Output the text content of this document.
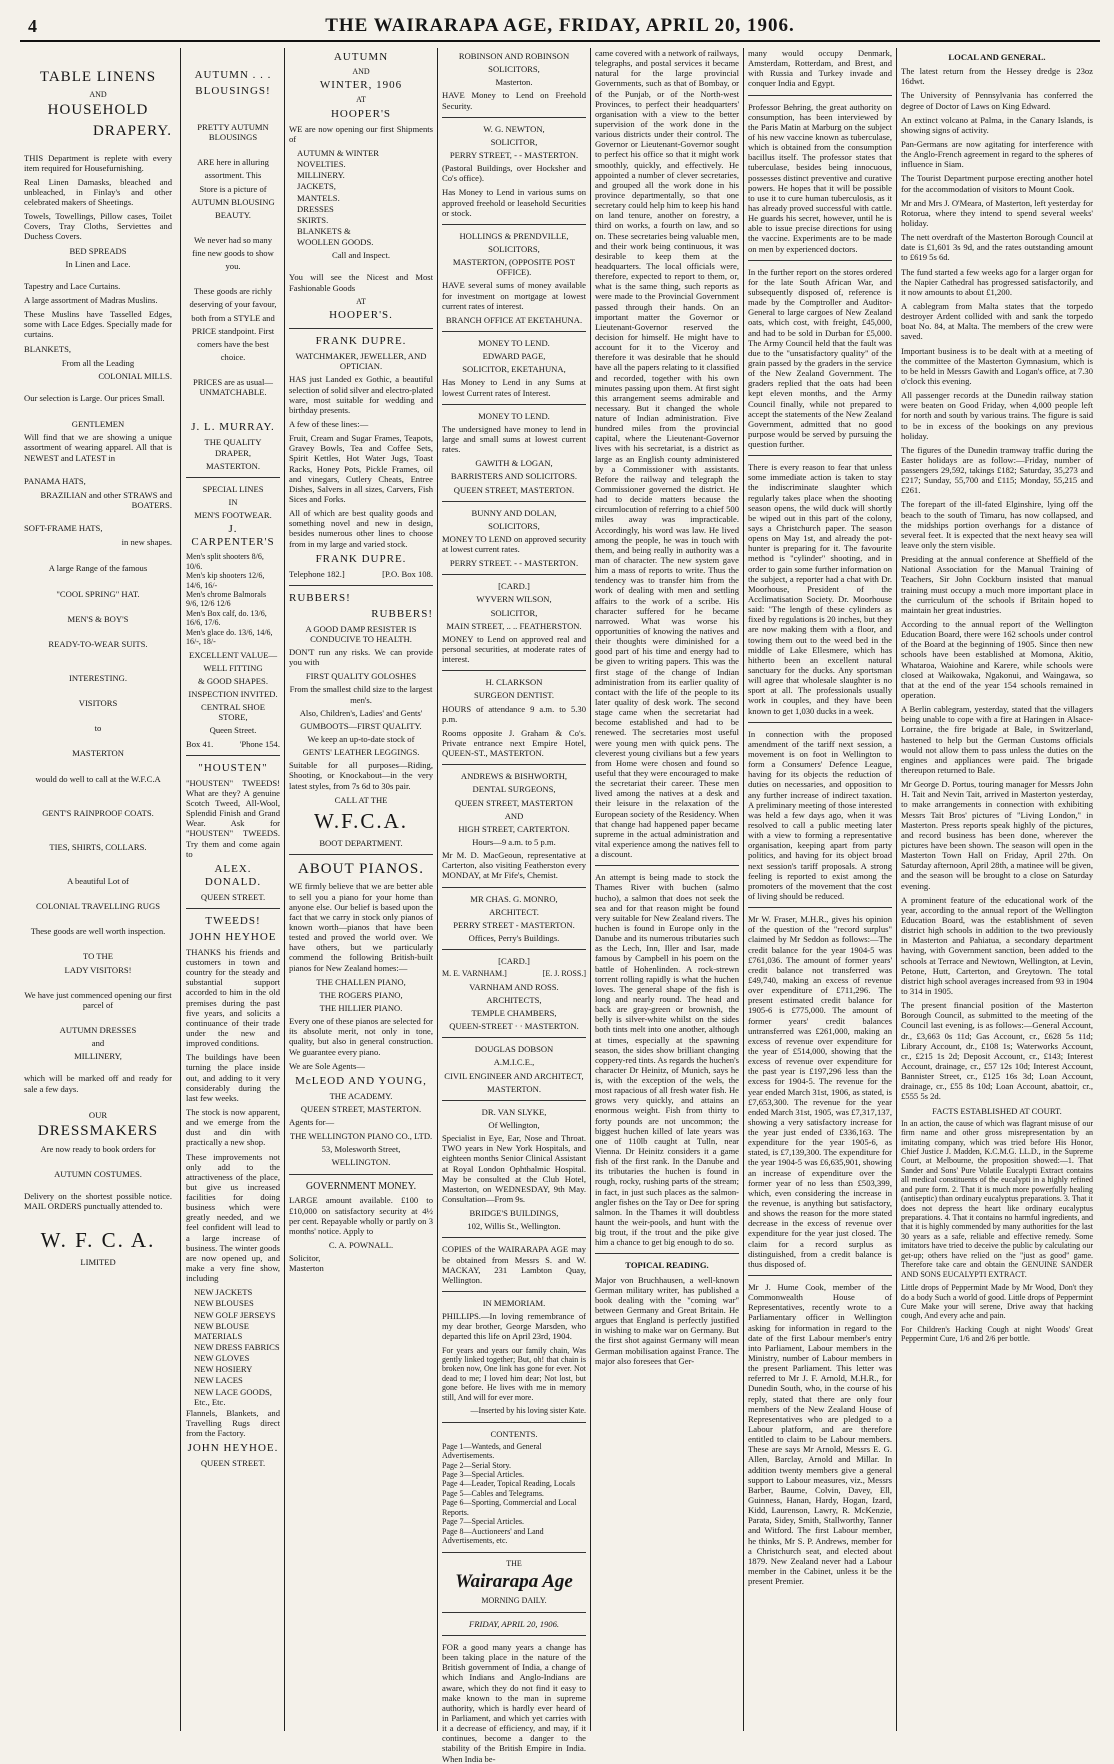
4	THE WAIRARAPA AGE, FRIDAY, APRIL 20, 1906.
TABLE LINENS
AND
HOUSEHOLD
DRAPERY.

THIS Department is replete with every item required for Housefurnishing.

Real Linen Damasks, bleached and unbleached, in Finlay's and other celebrated makers of Sheetings.

Towels, Towellings, Pillow cases, Toilet Covers, Tray Cloths, Serviettes and Duchess Covers.

BED SPREADS
In Linen and Lace.

Tapestry and Lace Curtains.

A large assortment of Madras Muslins.

These Muslins have Tasselled Edges, some with Lace Edges. Specially made for curtains.

BLANKETS,

From all the Leading
COLONIAL MILLS.

Our selection is Large. Our prices Small.

GENTLEMEN

Will find that we are showing a unique assortment of wearing apparel. All that is NEWEST and LATEST in

PANAMA HATS,

BRAZILIAN and other STRAWS and BOATERS.

SOFT-FRAME HATS,

in new shapes.

A large Range of the famous
"COOL SPRING" HAT.
MEN'S & BOY'S
READY-TO-WEAR SUITS.
INTERESTING.
VISITORS
to
MASTERTON
would do well to call at the W.F.C.A
GENT'S RAINPROOF COATS.
TIES, SHIRTS, COLLARS.
A beautiful Lot of
COLONIAL TRAVELLING RUGS
These goods are well worth inspection.
TO THE
LADY VISITORS!
We have just commenced opening our first parcel of
AUTUMN DRESSES
and
MILLINERY,

which will be marked off and ready for sale a few days.

OUR
DRESSMAKERS
Are now ready to book orders for
AUTUMN COSTUMES.

Delivery on the shortest possible notice. MAIL ORDERS punctually attended to.

W. F. C. A.
LIMITED
AUTUMN . . .
BLOUSINGS!
PRETTY AUTUMN BLOUSINGS
ARE here in alluring
assortment. This
Store is a picture of
AUTUMN BLOUSING
BEAUTY.
We never had so many
fine new goods to show
you.
These goods are richly
deserving of your favour,
both from a STYLE and
PRICE standpoint. First
comers have the best
choice.
PRICES are as usual—UNMATCHABLE.
J. L. MURRAY.
THE QUALITY DRAPER,
MASTERTON.
SPECIAL LINES
IN
MEN'S FOOTWEAR.
J. CARPENTER'S
Men's split shooters 8/6, 10/6.
Men's kip shooters 12/6, 14/6, 16/-
Men's chrome Balmorals 9/6, 12/6 12/6
Men's Box calf, do. 13/6, 16/6, 17/6.
Men's glace do. 13/6, 14/6, 16/-, 18/-
EXCELLENT VALUE—
WELL FITTING
& GOOD SHAPES.
INSPECTION INVITED.
CENTRAL SHOE STORE,
Queen Street.
Box 41.	'Phone 154.
"HOUSTEN"

"HOUSTEN" TWEEDS! What are they? A genuine Scotch Tweed, All-Wool, Splendid Finish and Grand Wear. Ask for "HOUSTEN" TWEEDS. Try them and come again to

ALEX. DONALD.
QUEEN STREET.
TWEEDS!
JOHN HEYHOE

THANKS his friends and customers in town and country for the steady and substantial support accorded to him in the old premises during the past five years, and solicits a continuance of their trade under the new and improved conditions.

The buildings have been turning the place inside out, and adding to it very considerably during the last few weeks.

The stock is now apparent, and we emerge from the dust and din with practically a new shop.

These improvements not only add to the attractiveness of the place, but give us increased facilities for doing business which were greatly needed, and we feel confident will lead to a large increase of business. The winter goods are now opened up, and make a very fine show, including

NEW JACKETS
NEW BLOUSES
NEW GOLF JERSEYS
NEW BLOUSE MATERIALS
NEW DRESS FABRICS
NEW GLOVES
NEW HOSIERY
NEW LACES
NEW LACE GOODS, Etc., Etc.

Flannels, Blankets, and Travelling Rugs direct from the Factory.

JOHN HEYHOE.
QUEEN STREET.
AUTUMN
AND
WINTER, 1906
AT
HOOPER'S

WE are now opening our first Shipments of

AUTUMN & WINTER
NOVELTIES.
MILLINERY.
JACKETS,
MANTELS.
DRESSES
SKIRTS.
BLANKETS &
WOOLLEN GOODS.
Call and Inspect.

You will see the Nicest and Most Fashionable Goods

AT
HOOPER'S.
FRANK DUPRE.
WATCHMAKER, JEWELLER, AND OPTICIAN.

HAS just Landed ex Gothic, a beautiful selection of solid silver and electro-plated ware, most suitable for wedding and birthday presents.

A few of these lines:—

Fruit, Cream and Sugar Frames, Teapots, Gravey Bowls, Tea and Coffee Sets, Spirit Kettles, Hot Water Jugs, Toast Racks, Honey Pots, Pickle Frames, oil and vinegars, Cutlery Cheats, Entree Dishes, Salvers in all sizes, Carvers, Fish Sices and Forks.

All of which are best quality goods and something novel and new in design, besides numerous other lines to choose from in my large and varied stock.

FRANK DUPRE.
Telephone 182.]	[P.O. Box 108.
RUBBERS!
RUBBERS!
A GOOD DAMP RESISTER IS CONDUCIVE TO HEALTH.

DON'T run any risks. We can provide you with

FIRST QUALITY GOLOSHES
From the smallest child size to the largest men's.
Also, Children's, Ladies' and Gents'
GUMBOOTS—FIRST QUALITY.
We keep an up-to-date stock of
GENTS' LEATHER LEGGINGS.

Suitable for all purposes—Riding, Shooting, or Knockabout—in the very latest styles, from 7s 6d to 30s pair.

CALL AT THE
W.F.C.A.
BOOT DEPARTMENT.
ABOUT PIANOS.

WE firmly believe that we are better able to sell you a piano for your home than anyone else. Our belief is based upon the fact that we carry in stock only pianos of known worth—pianos that have been tested and proved the world over. We have others, but we particularly commend the following British-built pianos for New Zealand homes:—

THE CHALLEN PIANO,
THE ROGERS PIANO,
THE HILLIER PIANO.

Every one of these pianos are selected for its absolute merit, not only in tone, quality, but also in general construction. We guarantee every piano.

We are Sole Agents—

McLEOD AND YOUNG,
THE ACADEMY.
QUEEN STREET, MASTERTON.

Agents for—

THE WELLINGTON PIANO CO., LTD.
53, Molesworth Street,
WELLINGTON.
GOVERNMENT MONEY.

LARGE amount available. £100 to £10,000 on satisfactory security at 4½ per cent. Repayable wholly or partly on 3 months' notice. Apply to

C. A. POWNALL.
Solicitor,
Masterton
ROBINSON AND ROBINSON
SOLICITORS,
Masterton.

HAVE Money to Lend on Freehold Security.

W. G. NEWTON,
SOLICITOR,
PERRY STREET, - - MASTERTON.

(Pastoral Buildings, over Hocksher and Co's office).

Has Money to Lend in various sums on approved freehold or leasehold Securities or stock.

HOLLINGS & PRENDVILLE,
SOLICITORS,
MASTERTON, (OPPOSITE POST OFFICE).

HAVE several sums of money available for investment on mortgage at lowest current rates of interest.

BRANCH OFFICE AT EKETAHUNA.
MONEY TO LEND.
EDWARD PAGE,
SOLICITOR, EKETAHUNA,

Has Money to Lend in any Sums at lowest Current rates of Interest.

MONEY TO LEND.

The undersigned have money to lend in large and small sums at lowest current rates.

GAWITH & LOGAN,
BARRISTERS AND SOLICITORS.
QUEEN STREET, MASTERTON.
BUNNY AND DOLAN,
SOLICITORS,

MONEY TO LEND on approved security at lowest current rates.

PERRY STREET. - - MASTERTON.
[CARD.]
WYVERN WILSON,
SOLICITOR,
MAIN STREET, .. .. FEATHERSTON.

MONEY to Lend on approved real and personal securities, at moderate rates of interest.

H. CLARKSON
SURGEON DENTIST.

HOURS of attendance 9 a.m. to 5.30 p.m.

Rooms opposite J. Graham & Co's. Private entrance next Empire Hotel, QUEEN-ST., MASTERTON.

ANDREWS & BISHWORTH,
DENTAL SURGEONS,
QUEEN STREET, MASTERTON
AND
HIGH STREET, CARTERTON.
Hours—9 a.m. to 5 p.m.

Mr M. D. MacGeoun, representative at Carterton, also visiting Featherston every MONDAY, at Mr Fife's, Chemist.

MR CHAS. G. MONRO,
ARCHITECT.
PERRY STREET - MASTERTON.
Offices, Perry's Buildings.
[CARD.]
M. E. VARNHAM.]	[E. J. ROSS.]
VARNHAM AND ROSS.
ARCHITECTS,
TEMPLE CHAMBERS,
QUEEN-STREET · · MASTERTON.
DOUGLAS DOBSON
A.M.I.C.E.,
CIVIL ENGINEER AND ARCHITECT,
MASTERTON.
DR. VAN SLYKE,
Of Wellington,

Specialist in Eye, Ear, Nose and Throat. TWO years in New York Hospitals, and eighteen months Senior Clinical Assistant at Royal London Ophthalmic Hospital. May be consulted at the Club Hotel, Masterton, on WEDNESDAY, 9th May. Consultation—From 9s.

BRIDGE'S BUILDINGS,
102, Willis St., Wellington.

COPIES of the WAIRARAPA AGE may be obtained from Messrs S. and W. MACKAY, 231 Lambton Quay, Wellington.

IN MEMORIAM.

PHILLIPS.—In loving remembrance of my dear brother, George Marsden, who departed this life on April 23rd, 1904.

For years and years our family chain, Was gently linked together; But, oh! that chain is broken now, One link has gone for ever. Not dead to me; I loved him dear; Not lost, but gone before. He lives with me in memory still, And will for ever more.

—Inserted by his loving sister Kate.
CONTENTS.
Page 1—Wanteds, and General Advertisements.
Page 2—Serial Story.
Page 3—Special Articles.
Page 4—Leader, Topical Reading, Locals
Page 5—Cables and Telegrams.
Page 6—Sporting, Commercial and Local Reports.
Page 7—Special Articles.
Page 8—Auctioneers' and Land Advertisements, etc.
THE
Wairarapa Age
MORNING DAILY.
FRIDAY, APRIL 20, 1906.

FOR a good many years a change has been taking place in the nature of the British government of India, a change of which Indians and Anglo-Indians are aware, which they do not find it easy to make known to the man in supreme authority, which is hardly ever heard of in Parliament, and which yet carries with it a decrease of efficiency, and may, if it continues, become a danger to the stability of the British Empire in India. When India be-

came covered with a network of railways, telegraphs, and postal services it became natural for the large provincial Governments, such as that of Bombay, or of the Punjab, or of the North-west Provinces, to perfect their headquarters' organisation with a view to the better supervision of the work done in the various districts under their control. The Governor or Lieutenant-Governor sought to perfect his office so that it might work smoothly, quickly, and effectively. He appointed a number of clever secretaries, and grouped all the work done in his province departmentally, so that one secretary could help him to keep his hand on land tenure, another on forestry, a third on works, a fourth on law, and so on. These secretaries being valuable men, and their work being continuous, it was desirable to keep them at the headquarters. The local officials were, therefore, expected to report to them, or, what is the same thing, such reports as were made to the Provincial Government passed through their hands. On an important matter the Governor or Lieutenant-Governor reserved the decision for himself. He might have to account for it to the Viceroy and therefore it was desirable that he should have all the papers relating to it classified and recorded, together with his own minutes passing upon them. At first sight this arrangement seems admirable and necessary. But it changed the whole nature of Indian administration. Five hundred miles from the provincial capital, where the Lieutenant-Governor lives with his secretariat, is a district as large as an English county administered by a Commissioner with assistants. Before the railway and telegraph the Commissioner governed the district. He had to decide matters because the circumlocution of referring to a chief 500 miles away was impracticable. Accordingly, his word was law. He lived among the people, he was in touch with them, and being really in authority was a man of character. The new system gave him a mass of reports to write. Thus the tendency was to transfer him from the work of dealing with men and settling affairs to the work of a scribe. His character suffered for he became narrowed. What was worse his opportunities of knowing the natives and their thoughts were diminished for a good part of his time and energy had to be given to writing papers. This was the first stage of the change of Indian administration from its earlier quality of contact with the life of the people to its later quality of desk work. The second stage came when the secretariat had become established and had to be renewed. The secretaries most useful were young men with quick pens. The cleverest young civilians but a few years from Home were chosen and found so useful that they were encouraged to make the secretariat their career. These men lived among the natives at a desk and their leisure in the relaxation of the European society of the Residency. When that change had happened paper became supreme in the actual administration and vital experience among the natives fell to a discount.

An attempt is being made to stock the Thames River with buchen (salmo hucho), a salmon that does not seek the sea and for that reason might be found very suitable for New Zealand rivers. The huchen is found in Europe only in the Danube and its numerous tributaries such as the Lech, Inn, Iller and Isar, made famous by Campbell in his poem on the battle of Hohenlinden. A rock-strewn torrent rolling rapidly is what the huchen loves. The general shape of the fish is long and nearly round. The head and back are gray-green or brownish, the belly is silver-white whilst on the sides both tints melt into one another, although at times, especially at the spawning season, the sides show brilliant changing coppery-red tints. As regards the huchen's character Dr Heinitz, of Munich, says he is, with the exception of the wels, the most rapacious of all fresh water fish. He grows very quickly, and attains an enormous weight. Fish from thirty to forty pounds are not uncommon; the biggest huchen killed of late years was one of 110lb caught at Tulln, near Vienna. Dr Heinitz considers it a game fish of the first rank. In the Danube and its tributaries the huchen is found in rough, rocky, rushing parts of the stream; in fact, in just such places as the salmon-angler fishes on the Tay or Dee for spring salmon. In the Thames it will doubtless haunt the weir-pools, and hunt with the big trout, if the trout and the pike give him a chance to get big enough to do so.

TOPICAL READING.

Major von Bruchhausen, a well-known German military writer, has published a book dealing with the "coming war" between Germany and Great Britain. He argues that England is perfectly justified in wishing to make war on Germany. But the first shot against Germany will mean German mobilisation against France. The major also foresees that Ger-

many would occupy Denmark, Amsterdam, Rotterdam, and Brest, and with Russia and Turkey invade and conquer India and Egypt.

Professor Behring, the great authority on consumption, has been interviewed by the Paris Matin at Marburg on the subject of his new vaccine known as tuberculase, which is obtained from the consumption bacillus itself. The professor states that tuberculase, besides being innocuous, possesses distinct preventive and curative powers. He hopes that it will be possible to use it to cure human tuberculosis, as it has already proved successful with cattle. He guards his secret, however, until he is able to issue precise directions for using the vaccine. Experiments are to be made on men by experienced doctors.

In the further report on the stores ordered for the late South African War, and subsequently disposed of, reference is made by the Comptroller and Auditor-General to large cargoes of New Zealand oats, which cost, with freight, £45,000, and had to be sold in Durban for £5,000. The Army Council held that the fault was due to the "unsatisfactory quality" of the grain passed by the graders in the service of the New Zealand Government. The graders replied that the oats had been kept eleven months, and the Army Council finally, while not prepared to accept the statements of the New Zealand Government, admitted that no good purpose would be served by pursuing the question further.

There is every reason to fear that unless some immediate action is taken to stay the indiscriminate slaughter which regularly takes place when the shooting season opens, the wild duck will shortly be wiped out in this part of the colony, says a Christchurch paper. The season opens on May 1st, and already the pot-hunter is preparing for it. The favourite method is "cylinder" shooting, and in order to gain some further information on the subject, a reporter had a chat with Dr. Moorhouse, President of the Acclimatisation Society. Dr. Moorhouse said: "The length of these cylinders as fixed by regulations is 20 inches, but they are now making them with a floor, and towing them out to the weed bed in the middle of Lake Ellesmere, which has hitherto been an excellent natural sanctuary for the ducks. Any sportsman will agree that wholesale slaughter is no sport at all. The professionals usually work in couples, and they have been known to get 1,030 ducks in a week.

In connection with the proposed amendment of the tariff next session, a movement is on foot in Wellington to form a Consumers' Defence League, having for its objects the reduction of duties on necessaries, and opposition to any further increase of indirect taxation. A preliminary meeting of those interested was held a few days ago, when it was resolved to call a public meeting later with a view to forming a representative organisation, keeping apart from party politics, and having for its object broad next session's tariff proposals. A strong feeling is reported to exist among the promoters of the movement that the cost of living should be reduced.

Mr W. Fraser, M.H.R., gives his opinion of the question of the "record surplus" claimed by Mr Seddon as follows:—The credit balance for the year 1904-5 was £761,036. The amount of former years' credit balance not transferred was £49,740, making an excess of revenue over expenditure of £711,296. The present estimated credit balance for 1905-6 is £775,000. The amount of former years' credit balances untransferred was £261,000, making an excess of revenue over expenditure for the year of £514,000, showing that the excess of revenue over expenditure for the past year is £197,296 less than the excess for 1904-5. The revenue for the year ended March 31st, 1906, as stated, is £7,653,300. The revenue for the year ended March 31st, 1905, was £7,317,137, showing a very satisfactory increase for the year just ended of £336,163. The expenditure for the year 1905-6, as stated, is £7,139,300. The expenditure for the year 1904-5 was £6,635,901, showing an increase of expenditure over the former year of no less than £503,399, which, even considering the increase in the revenue, is anything but satisfactory, and shows the reason for the more stated decrease in the excess of revenue over expenditure for the year just closed. The claim for a record surplus as distinguished, from a credit balance is thus disposed of.

Mr J. Hume Cook, member of the Commonwealth House of Representatives, recently wrote to a Parliamentary officer in Wellington asking for information in regard to the date of the first Labour member's entry into Parliament, Labour members in the Ministry, number of Labour members in the present Parliament. This letter was referred to Mr J. F. Arnold, M.H.R., for Dunedin South, who, in the course of his reply, stated that there are only four members of the New Zealand House of Representatives who are pledged to a Labour platform, and are therefore entitled to claim to be Labour members. These are says Mr Arnold, Messrs E. G. Allen, Barclay, Arnold and Millar. In addition twenty members give a general support to Labour measures, viz., Messrs Barber, Baume, Colvin, Davey, Ell, Guinness, Hanan, Hardy, Hogan, Izard, Kidd, Laurenson, Lawry, R. McKenzie, Parata, Sidey, Smith, Stallworthy, Tanner and Witford. The first Labour member, he thinks, Mr S. P. Andrews, member for a Christchurch seat, and elected about 1879. New Zealand never had a Labour member in the Cabinet, unless it be the present Premier.

LOCAL AND GENERAL.

The latest return from the Hessey dredge is 23oz 16dwt.

The University of Pennsylvania has conferred the degree of Doctor of Laws on King Edward.

An extinct volcano at Palma, in the Canary Islands, is showing signs of activity.

Pan-Germans are now agitating for interference with the Anglo-French agreement in regard to the spheres of influence in Siam.

The Tourist Department purpose erecting another hotel for the accommodation of visitors to Mount Cook.

Mr and Mrs J. O'Meara, of Masterton, left yesterday for Rotorua, where they intend to spend several weeks' holiday.

The nett overdraft of the Masterton Borough Council at date is £1,601 3s 9d, and the rates outstanding amount to £619 5s 6d.

The fund started a few weeks ago for a larger organ for the Napier Cathedral has progressed satisfactorily, and it now amounts to about £1,200.

A cablegram from Malta states that the torpedo destroyer Ardent collided with and sank the torpedo boat No. 84, at Malta. The members of the crew were saved.

Important business is to be dealt with at a meeting of the committee of the Masterton Gymnasium, which is to be held in Messrs Gawith and Logan's office, at 7.30 o'clock this evening.

All passenger records at the Dunedin railway station were beaten on Good Friday, when 4,000 people left for north and south by various trains. The figure is said to be in excess of the bookings on any previous holiday.

The figures of the Dunedin tramway traffic during the Easter holidays are as follow:—Friday, number of passengers 29,592, takings £182; Saturday, 35,273 and £217; Sunday, 55,700 and £115; Monday, 55,215 and £261.

The forepart of the ill-fated Elginshire, lying off the beach to the south of Timaru, has now collapsed, and the midships portion overhangs for a distance of several feet. It is expected that the next heavy sea will leave only the stern visible.

Presiding at the annual conference at Sheffield of the National Association for the Manual Training of Teachers, Sir John Cockburn insisted that manual training must occupy a much more important place in the curriculum of the schools if Britain hoped to maintain her great industries.

According to the annual report of the Wellington Education Board, there were 162 schools under control of the Board at the beginning of 1905. Since then new schools have been established at Momona, Akitio, Whataroa, Waiohine and Karere, while schools were closed at Waikowaka, Ngakonui, and Waingawa, so that at the end of the year 154 schools remained in operation.

A Berlin cablegram, yesterday, stated that the villagers being unable to cope with a fire at Haringen in Alsace-Lorraine, the fire brigade at Bale, in Switzerland, hastened to help but the German Customs officials would not allow them to pass unless the duties on the engines and appliances were paid. The brigade thereupon returned to Bale.

Mr George D. Portus, touring manager for Messrs John H. Tait and Nevin Tait, arrived in Masterton yesterday, to make arrangements in connection with exhibiting Messrs Tait Bros' pictures of "Living London," in Masterton. Press reports speak highly of the pictures, and record business has been done, wherever the pictures have been shown. The season will open in the Masterton Town Hall on Friday, April 27th. On Saturday afternoon, April 28th, a matinee will be given, and the season will be brought to a close on Saturday evening.

A prominent feature of the educational work of the year, according to the annual report of the Wellington Education Board, was the establishment of seven district high schools in addition to the two previously in Masterton and Pahiatua, a secondary department having, with Government sanction, been added to the schools at Terrace and Newtown, Wellington, at Levin, Petone, Hutt, Carterton, and Greytown. The total district high school averages increased from 93 in 1904 to 314 in 1905.

The present financial position of the Masterton Borough Council, as submitted to the meeting of the Council last evening, is as follows:—General Account, dr., £3,663 0s 11d; Gas Account, cr., £628 5s 11d; Library Account, dr., £108 1s; Waterworks Account, cr., £215 1s 2d; Deposit Account, cr., £143; Interest Account, drainage, cr., £57 12s 10d; Interest Account, Bannister Street, cr., £125 16s 3d; Loan Account, drainage, cr., £55 8s 10d; Loan Account, abattoir, cr., £555 5s 2d.

FACTS ESTABLISHED AT COURT.

In an action, the cause of which was flagrant misuse of our firm name and other gross misrepresentation by an imitating company, which was tried before His Honor, Chief Justice J. Madden, K.C.M.G. LL.D., in the Supreme Court, at Melbourne, the proposition showed:—1. That Sander and Sons' Pure Volatile Eucalypti Extract contains all medical constituents of the eucalypti in a highly refined and pure form. 2. That it is much more powerfully healing (antiseptic) than ordinary eucalyptus preparations. 3. That it does not depress the heart like ordinary eucalyptus preparations. 4. That it contains no harmful ingredients, and that it is highly commended by many authorities for the last 30 years as a safe, reliable and effective remedy. Some imitators have tried to deceive the public by calculating our get-up; others have relied on the "just as good" game. Therefore take care and obtain the GENUINE SANDER AND SONS EUCALYPTI EXTRACT.

Little drops of Peppermint Made by Mr Wood, Don't they do a body Such a world of good. Little drops of Peppermint Cure Make your will serene, Drive away that hacking cough, And every ache and pain.

For Children's Hacking Cough at night Woods' Great Peppermint Cure, 1/6 and 2/6 per bottle.
